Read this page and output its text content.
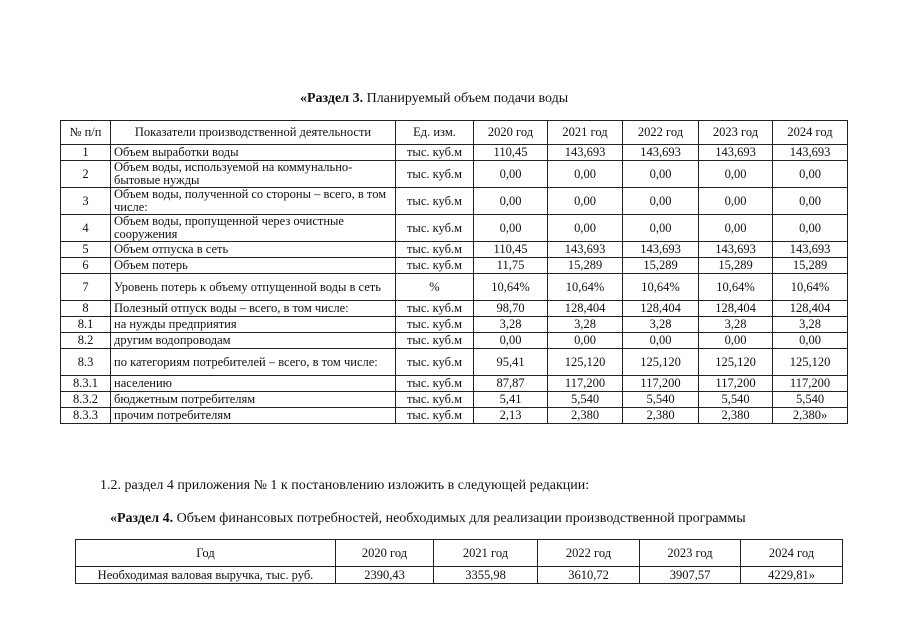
«Раздел 3. Планируемый объем подачи воды
№ п/п	Показатели производственной деятельности	Ед. изм.	2020 год	2021 год	2022 год	2023 год	2024 год
1	Объем выработки воды	тыс. куб.м	110,45	143,693	143,693	143,693	143,693
2	Объем воды, используемой на коммунально-бытовые нужды	тыс. куб.м	0,00	0,00	0,00	0,00	0,00
3	Объем воды, полученной со стороны – всего, в том числе:	тыс. куб.м	0,00	0,00	0,00	0,00	0,00
4	Объем воды, пропущенной через очистные сооружения	тыс. куб.м	0,00	0,00	0,00	0,00	0,00
5	Объем отпуска в сеть	тыс. куб.м	110,45	143,693	143,693	143,693	143,693
6	Объем потерь	тыс. куб.м	11,75	15,289	15,289	15,289	15,289
7	Уровень потерь к объему отпущенной воды в сеть	%	10,64%	10,64%	10,64%	10,64%	10,64%
8	Полезный отпуск воды – всего, в том числе:	тыс. куб.м	98,70	128,404	128,404	128,404	128,404
8.1	на нужды предприятия	тыс. куб.м	3,28	3,28	3,28	3,28	3,28
8.2	другим водопроводам	тыс. куб.м	0,00	0,00	0,00	0,00	0,00
8.3	по категориям потребителей – всего, в том числе:	тыс. куб.м	95,41	125,120	125,120	125,120	125,120
8.3.1	населению	тыс. куб.м	87,87	117,200	117,200	117,200	117,200
8.3.2	бюджетным потребителям	тыс. куб.м	5,41	5,540	5,540	5,540	5,540
8.3.3	прочим потребителям	тыс. куб.м	2,13	2,380	2,380	2,380	2,380»
1.2. раздел 4 приложения № 1 к постановлению изложить в следующей редакции:
«Раздел 4. Объем финансовых потребностей, необходимых для реализации производственной программы
Год	2020 год	2021 год	2022 год	2023 год	2024 год
Необходимая валовая выручка, тыс. руб.	2390,43	3355,98	3610,72	3907,57	4229,81»
